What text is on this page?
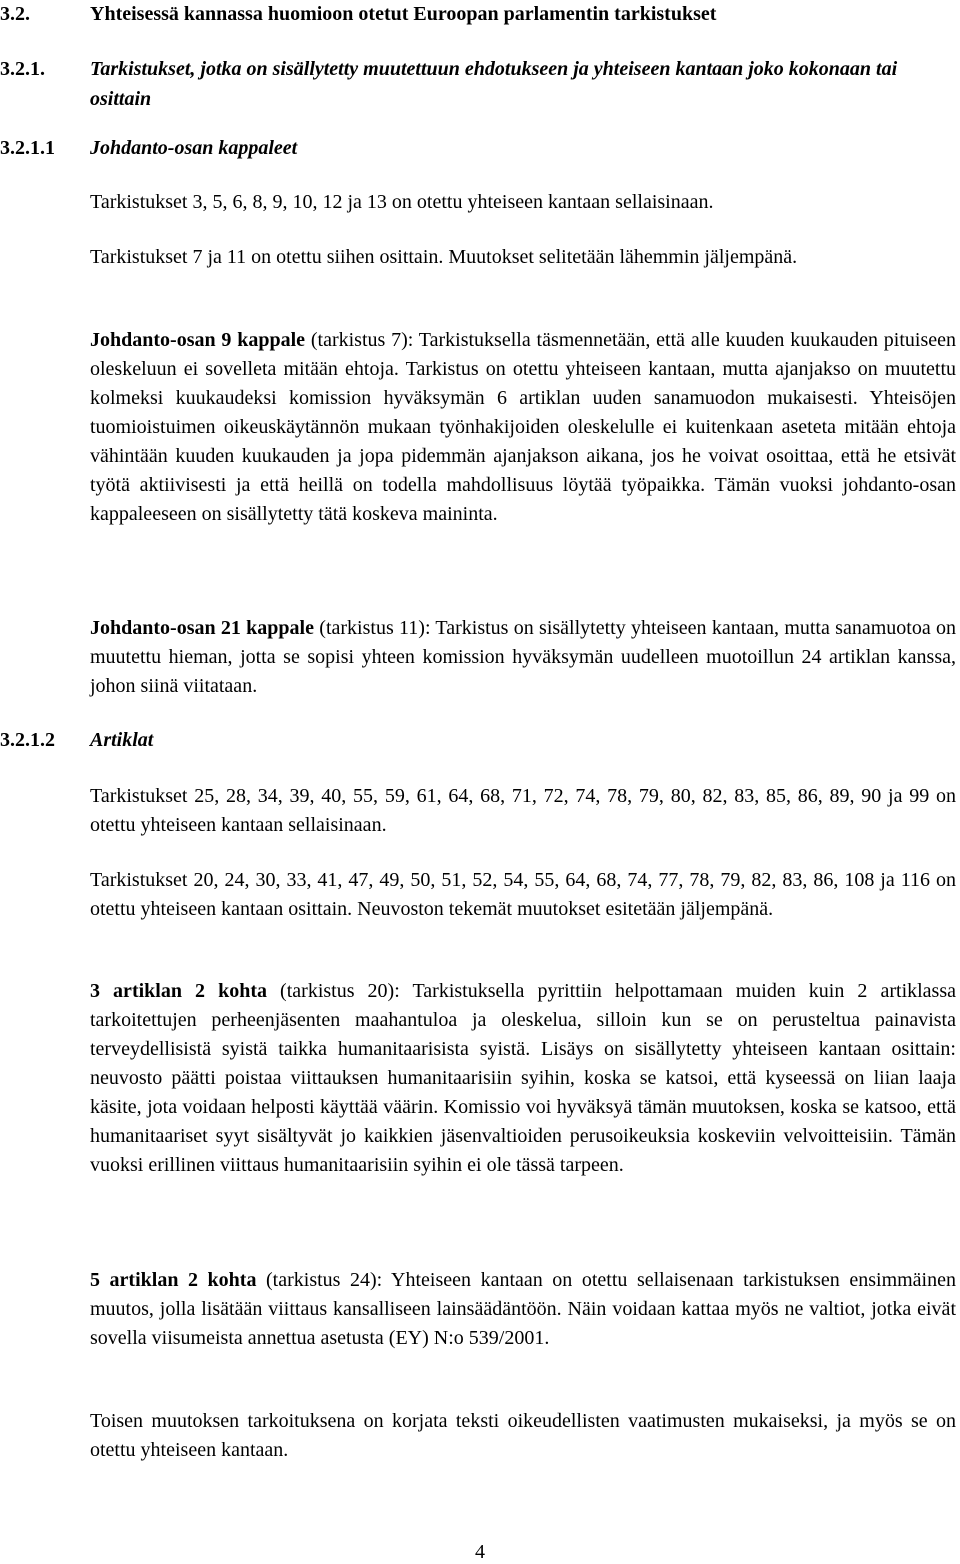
3.2.	Yhteisessä kannassa huomioon otetut Euroopan parlamentin tarkistukset
3.2.1. Tarkistukset, jotka on sisällytetty muutettuun ehdotukseen ja yhteiseen kantaan joko kokonaan tai osittain
3.2.1.1 Johdanto-osan kappaleet

Tarkistukset 3, 5, 6, 8, 9, 10, 12 ja 13 on otettu yhteiseen kantaan sellaisinaan.

Tarkistukset 7 ja 11 on otettu siihen osittain. Muutokset selitetään lähemmin jäljempänä.

Johdanto-osan 9 kappale (tarkistus 7): Tarkistuksella täsmennetään, että alle kuuden kuukauden pituiseen oleskeluun ei sovelleta mitään ehtoja. Tarkistus on otettu yhteiseen kantaan, mutta ajanjakso on muutettu kolmeksi kuukaudeksi komission hyväksymän 6 artiklan uuden sanamuodon mukaisesti. Yhteisöjen tuomioistuimen oikeuskäytännön mukaan työnhakijoiden oleskelulle ei kuitenkaan aseteta mitään ehtoja vähintään kuuden kuukauden ja jopa pidemmän ajanjakson aikana, jos he voivat osoittaa, että he etsivät työtä aktiivisesti ja että heillä on todella mahdollisuus löytää työpaikka. Tämän vuoksi johdanto-osan kappaleeseen on sisällytetty tätä koskeva maininta.

Johdanto-osan 21 kappale (tarkistus 11): Tarkistus on sisällytetty yhteiseen kantaan, mutta sanamuotoa on muutettu hieman, jotta se sopisi yhteen komission hyväksymän uudelleen muotoillun 24 artiklan kanssa, johon siinä viitataan.

3.2.1.2 Artiklat

Tarkistukset 25, 28, 34, 39, 40, 55, 59, 61, 64, 68, 71, 72, 74, 78, 79, 80, 82, 83, 85, 86, 89, 90 ja 99 on otettu yhteiseen kantaan sellaisinaan.

Tarkistukset 20, 24, 30, 33, 41, 47, 49, 50, 51, 52, 54, 55, 64, 68, 74, 77, 78, 79, 82, 83, 86, 108 ja 116 on otettu yhteiseen kantaan osittain. Neuvoston tekemät muutokset esitetään jäljempänä.

3 artiklan 2 kohta (tarkistus 20): Tarkistuksella pyrittiin helpottamaan muiden kuin 2 artiklassa tarkoitettujen perheenjäsenten maahantuloa ja oleskelua, silloin kun se on perusteltua painavista terveydellisistä syistä taikka humanitaarisista syistä. Lisäys on sisällytetty yhteiseen kantaan osittain: neuvosto päätti poistaa viittauksen humanitaarisiin syihin, koska se katsoi, että kyseessä on liian laaja käsite, jota voidaan helposti käyttää väärin. Komissio voi hyväksyä tämän muutoksen, koska se katsoo, että humanitaariset syyt sisältyvät jo kaikkien jäsenvaltioiden perusoikeuksia koskeviin velvoitteisiin. Tämän vuoksi erillinen viittaus humanitaarisiin syihin ei ole tässä tarpeen.

5 artiklan 2 kohta (tarkistus 24): Yhteiseen kantaan on otettu sellaisenaan tarkistuksen ensimmäinen muutos, jolla lisätään viittaus kansalliseen lainsäädäntöön. Näin voidaan kattaa myös ne valtiot, jotka eivät sovella viisumeista annettua asetusta (EY) N:o 539/2001.

Toisen muutoksen tarkoituksena on korjata teksti oikeudellisten vaatimusten mukaiseksi, ja myös se on otettu yhteiseen kantaan.

4
